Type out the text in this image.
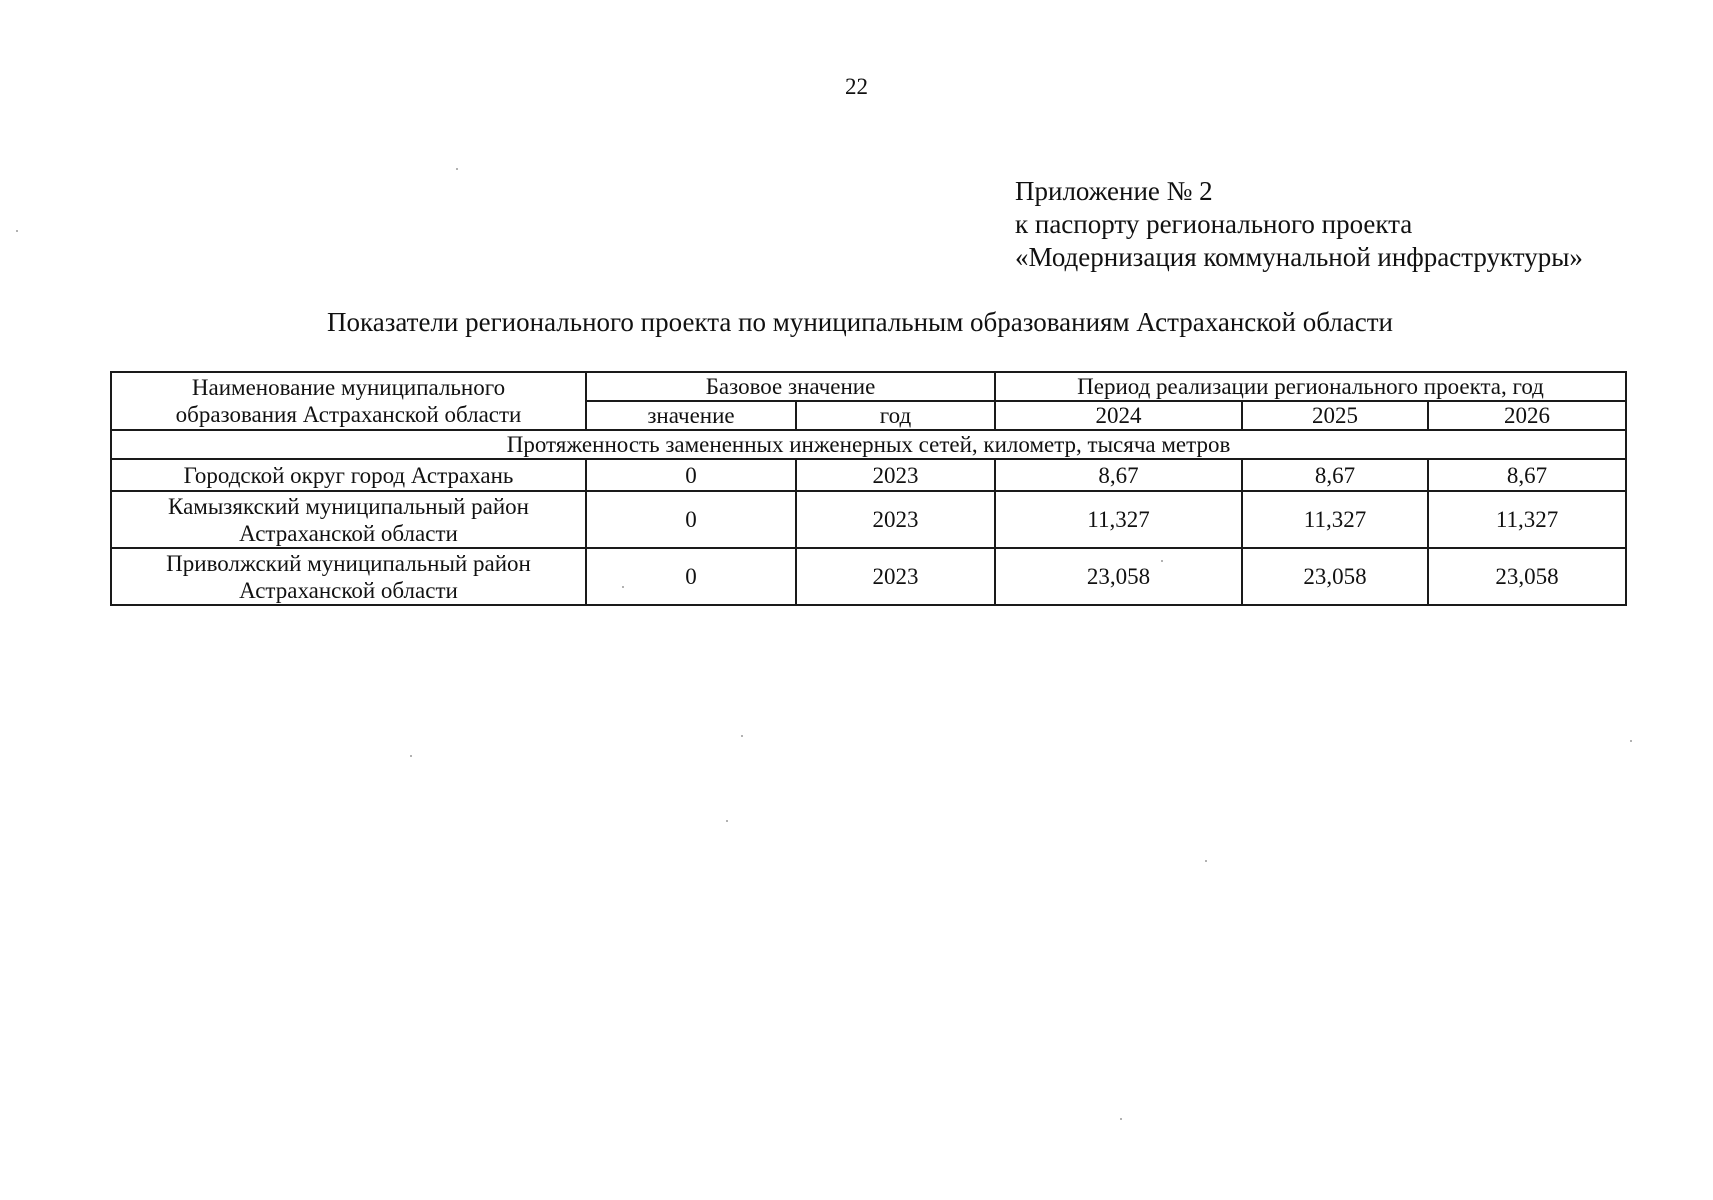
22
Приложение № 2
к паспорту регионального проекта
«Модернизация коммунальной инфраструктуры»
Показатели регионального проекта по муниципальным образованиям Астраханской области
Наименование муниципального
образования Астраханской области	Базовое значение		Период реализации регионального проекта, год		
	значение	год	2024	2025	2026
Протяженность замененных инженерных сетей, километр, тысяча метров					

Городской округ город Астрахань	0	2023	8,67	8,67	8,67

Камызякский муниципальный район
Астраханской области	0	2023	11,327	11,327	11,327

Приволжский муниципальный район
Астраханской области	0	2023	23,058	23,058	23,058
